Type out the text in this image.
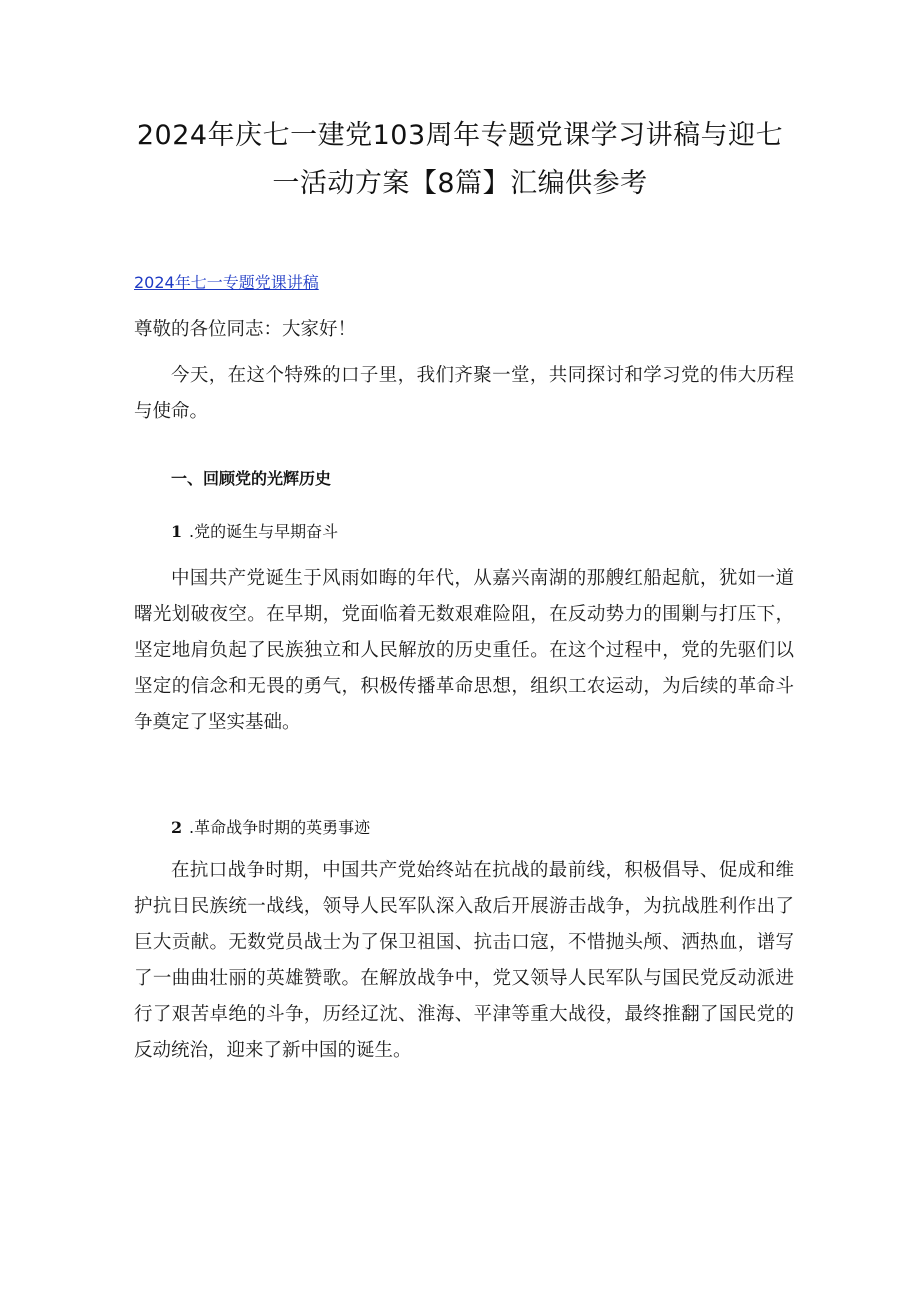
2024年庆七一建党103周年专题党课学习讲稿与迎七一活动方案【8篇】汇编供参考
2024年七一专题党课讲稿

尊敬的各位同志：大家好！

今天，在这个特殊的口子里，我们齐聚一堂，共同探讨和学习党的伟大历程与使命。

一、回顾党的光辉历史
1 .党的诞生与早期奋斗

中国共产党诞生于风雨如晦的年代，从嘉兴南湖的那艘红船起航，犹如一道曙光划破夜空。在早期，党面临着无数艰难险阻，在反动势力的围剿与打压下，坚定地肩负起了民族独立和人民解放的历史重任。在这个过程中，党的先驱们以坚定的信念和无畏的勇气，积极传播革命思想，组织工农运动，为后续的革命斗争奠定了坚实基础。

2 .革命战争时期的英勇事迹

在抗口战争时期，中国共产党始终站在抗战的最前线，积极倡导、促成和维护抗日民族统一战线，领导人民军队深入敌后开展游击战争，为抗战胜利作出了巨大贡献。无数党员战士为了保卫祖国、抗击口寇，不惜抛头颅、洒热血，谱写了一曲曲壮丽的英雄赞歌。在解放战争中，党又领导人民军队与国民党反动派进行了艰苦卓绝的斗争，历经辽沈、淮海、平津等重大战役，最终推翻了国民党的反动统治，迎来了新中国的诞生。
